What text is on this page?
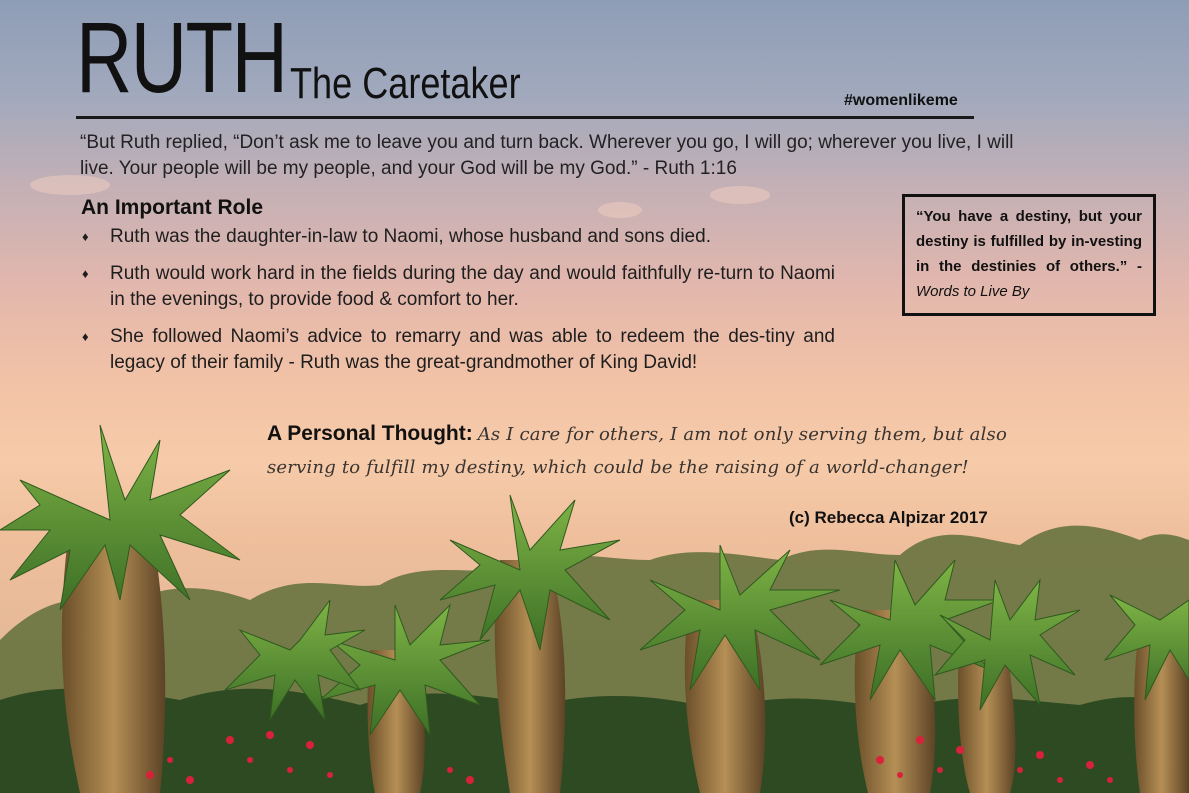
RUTH The Caretaker	#womenlikeme
“But Ruth replied, “Don’t ask me to leave you and turn back. Wherever you go, I will go; wherever you live, I will live. Your people will be my people, and your God will be my God.” - Ruth 1:16
An Important Role
♦ Ruth was the daughter-in-law to Naomi, whose husband and sons died.
♦ Ruth would work hard in the fields during the day and would faithfully re-turn to Naomi in the evenings, to provide food & comfort to her.
♦ She followed Naomi’s advice to remarry and was able to redeem the des-tiny and legacy of their family - Ruth was the great-grandmother of King David!
“You have a destiny, but your destiny is fulfilled by in-vesting in the destinies of others.” - Words to Live By
A Personal Thought: As I care for others, I am not only serving them, but also serving to fulfill my destiny, which could be the raising of a world-changer!
(c) Rebecca Alpizar 2017
